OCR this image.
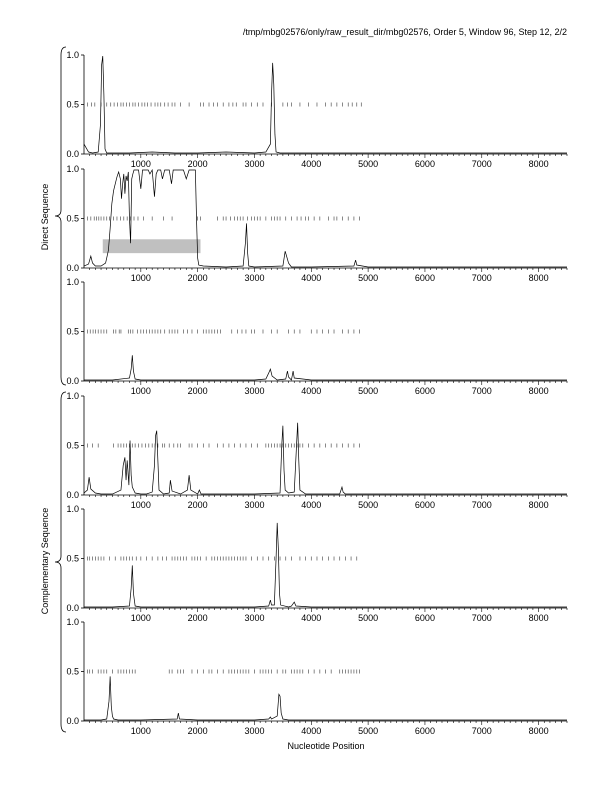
/tmp/mbg02576/only/raw_result_dir/mbg02576, Order 5, Window 96, Step 12, 2/2
0.0
0.5
1.0
1000	2000	3000	4000	5000	6000	7000	8000
0.0
0.5
1.0
1000	2000	3000	4000	5000	6000	7000	8000
0.0
0.5
1.0
1000	2000	3000	4000	5000	6000	7000	8000
0.0
0.5
1.0
1000	2000	3000	4000	5000	6000	7000	8000
0.0
0.5
1.0
1000	2000	3000	4000	5000	6000	7000	8000
0.0
0.5
1.0
1000	2000	3000	4000	5000	6000	7000	8000
Direct Sequence
Complementary Sequence
Nucleotide Position
